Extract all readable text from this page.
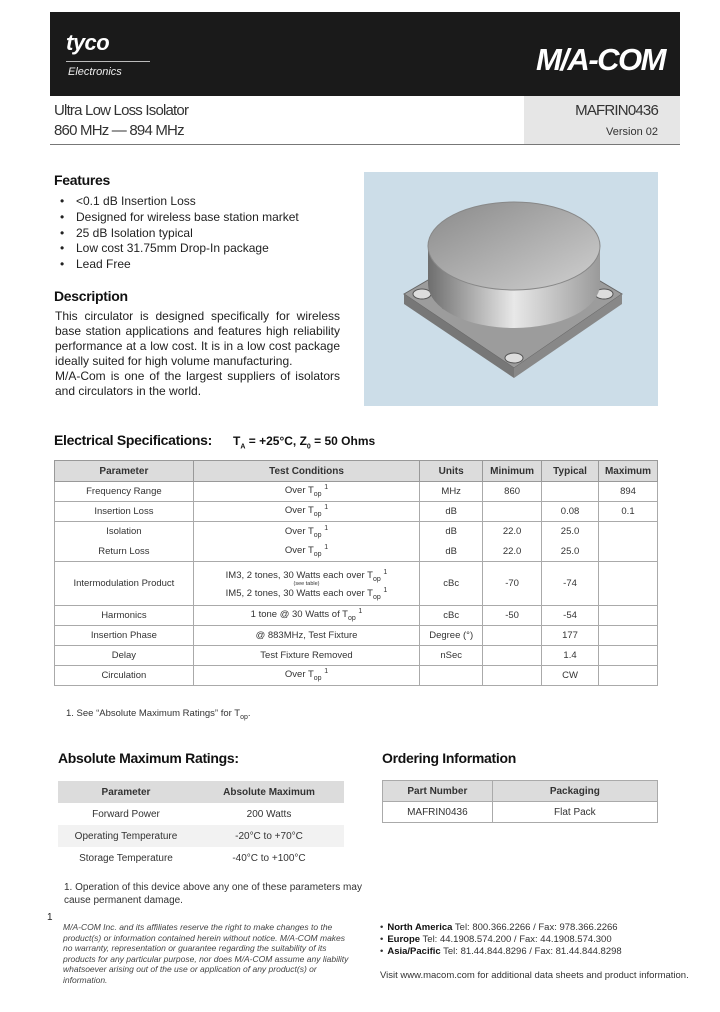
tyco
Electronics	M/A-COM
Ultra Low Loss Isolator
860 MHz — 894 MHz
MAFRIN0436
Version 02
Features
• <0.1 dB Insertion Loss
• Designed for wireless base station market
• 25 dB Isolation typical
• Low cost 31.75mm Drop-In package
• Lead Free
Description

This circulator is designed specifically for wireless base station applications and features high reliability performance at a low cost. It is in a low cost package ideally suited for high volume manufacturing.

M/A-Com is one of the largest suppliers of isolators and circulators in the world.

Electrical Specifications: $T_A = +25^\circ C$, $Z_0 = 50$ Ohms
Parameter	Test Conditions	Units	Minimum	Typical	Maximum
Frequency Range	Over $T_{op}$ $^1$	MHz	860		894
Insertion Loss	Over $T_{op}$ $^1$	dB		0.08	0.1
Isolation	Over $T_{op}$ $^1$	dB	22.0	25.0	
Return Loss	Over $T_{op}$ $^1$	dB	22.0	25.0	
Intermodulation Product	IM3, 2 tones, 30 Watts each over $T_{op}$ $^1$
(see table)
IM5, 2 tones, 30 Watts each over $T_{op}$ $^1$	cBc	-70	-74	
Harmonics	1 tone @ 30 Watts of $T_{op}$ $^1$	cBc	-50	-54	
Insertion Phase	@ 883MHz, Test Fixture	Degree (°)		177	
Delay	Test Fixture Removed	nSec		1.4	
Circulation	Over $T_{op}$ $^1$			CW	
1. See “Absolute Maximum Ratings” for $T_{op}$.
Absolute Maximum Ratings:
Parameter	Absolute Maximum
Forward Power	200 Watts
Operating Temperature	-20°C to +70°C
Storage Temperature	-40°C to +100°C
1. Operation of this device above any one of these parameters may cause permanent damage.
Ordering Information
Part Number	Packaging
MAFRIN0436	Flat Pack
1
M/A-COM Inc. and its affiliates reserve the right to make changes to the product(s) or information contained herein without notice. M/A-COM makes no warranty, representation or guarantee regarding the suitability of its products for any particular purpose, nor does M/A-COM assume any liability whatsoever arising out of the use or application of any product(s) or information.
• North America Tel: 800.366.2266 / Fax: 978.366.2266
• Europe Tel: 44.1908.574.200 / Fax: 44.1908.574.300
• Asia/Pacific Tel: 81.44.844.8296 / Fax: 81.44.844.8298
Visit www.macom.com for additional data sheets and product information.
